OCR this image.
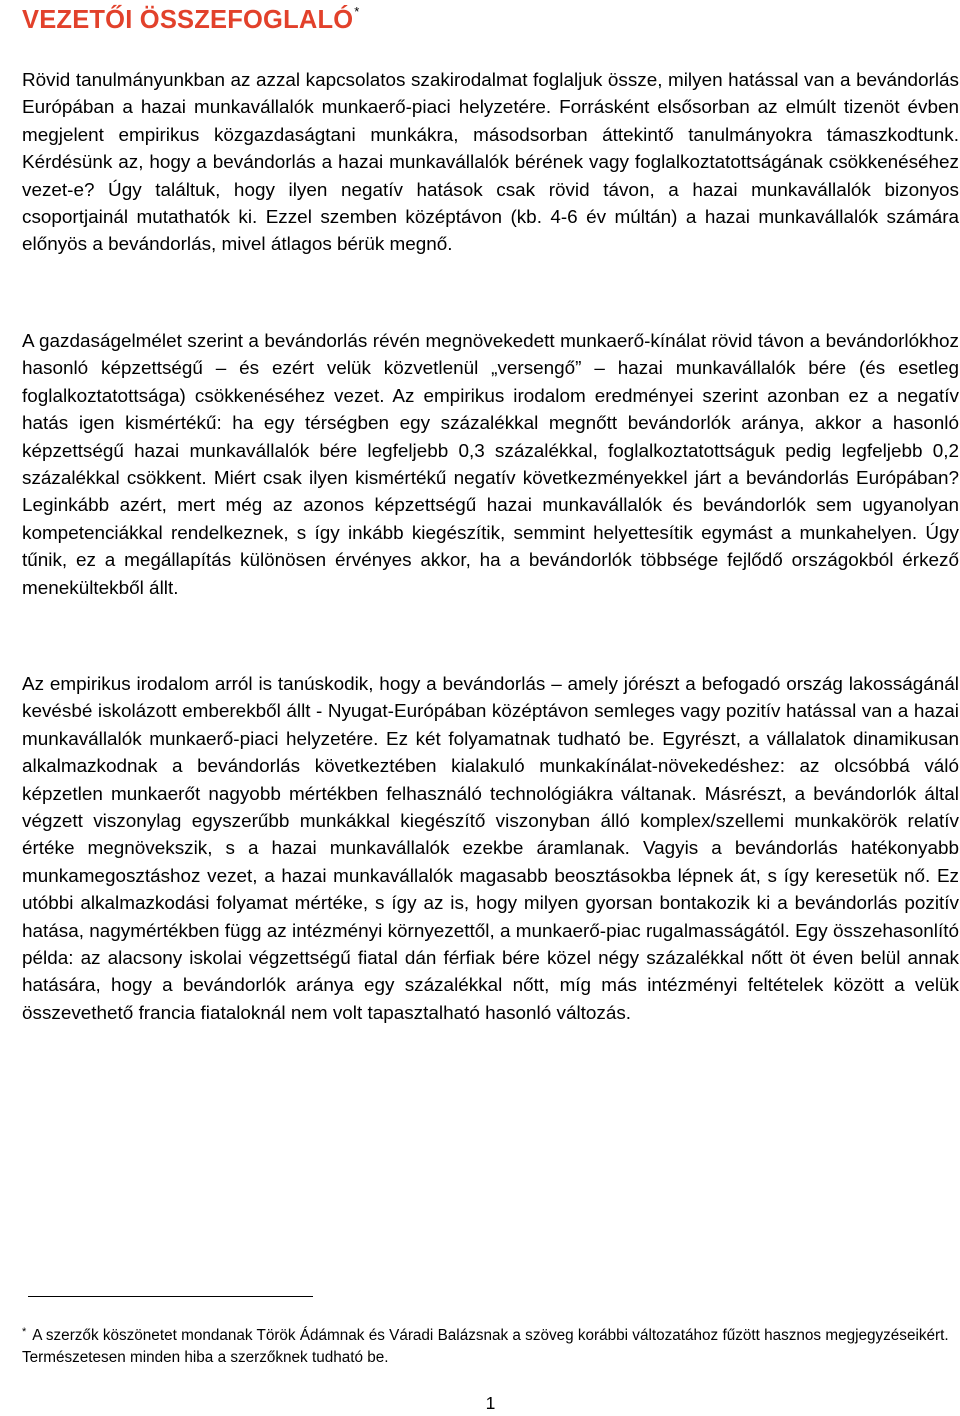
VEZETŐI ÖSSZEFOGLALÓ*

Rövid tanulmányunkban az azzal kapcsolatos szakirodalmat foglaljuk össze, milyen hatással van a bevándorlás Európában a hazai munkavállalók munkaerő-piaci helyzetére. Forrásként elsősorban az elmúlt tizenöt évben megjelent empirikus közgazdaságtani munkákra, másodsorban áttekintő tanulmányokra támaszkodtunk. Kérdésünk az, hogy a bevándorlás a hazai munkavállalók bérének vagy foglalkoztatottságának csökkenéséhez vezet-e? Úgy találtuk, hogy ilyen negatív hatások csak rövid távon, a hazai munkavállalók bizonyos csoportjainál mutathatók ki. Ezzel szemben középtávon (kb. 4-6 év múltán) a hazai munkavállalók számára előnyös a bevándorlás, mivel átlagos bérük megnő.

A gazdaságelmélet szerint a bevándorlás révén megnövekedett munkaerő-kínálat rövid távon a bevándorlókhoz hasonló képzettségű – és ezért velük közvetlenül „versengő” – hazai munkavállalók bére (és esetleg foglalkoztatottsága) csökkenéséhez vezet. Az empirikus irodalom eredményei szerint azonban ez a negatív hatás igen kismértékű: ha egy térségben egy százalékkal megnőtt bevándorlók aránya, akkor a hasonló képzettségű hazai munkavállalók bére legfeljebb 0,3 százalékkal, foglalkoztatottságuk pedig legfeljebb 0,2 százalékkal csökkent. Miért csak ilyen kismértékű negatív következményekkel járt a bevándorlás Európában? Leginkább azért, mert még az azonos képzettségű hazai munkavállalók és bevándorlók sem ugyanolyan kompetenciákkal rendelkeznek, s így inkább kiegészítik, semmint helyettesítik egymást a munkahelyen. Úgy tűnik, ez a megállapítás különösen érvényes akkor, ha a bevándorlók többsége fejlődő országokból érkező menekültekből állt.

Az empirikus irodalom arról is tanúskodik, hogy a bevándorlás – amely jórészt a befogadó ország lakosságánál kevésbé iskolázott emberekből állt - Nyugat-Európában középtávon semleges vagy pozitív hatással van a hazai munkavállalók munkaerő-piaci helyzetére. Ez két folyamatnak tudható be. Egyrészt, a vállalatok dinamikusan alkalmazkodnak a bevándorlás következtében kialakuló munkakínálat-növekedéshez: az olcsóbbá váló képzetlen munkaerőt nagyobb mértékben felhasználó technológiákra váltanak. Másrészt, a bevándorlók által végzett viszonylag egyszerűbb munkákkal kiegészítő viszonyban álló komplex/szellemi munkakörök relatív értéke megnövekszik, s a hazai munkavállalók ezekbe áramlanak. Vagyis a bevándorlás hatékonyabb munkamegosztáshoz vezet, a hazai munkavállalók magasabb beosztásokba lépnek át, s így keresetük nő. Ez utóbbi alkalmazkodási folyamat mértéke, s így az is, hogy milyen gyorsan bontakozik ki a bevándorlás pozitív hatása, nagymértékben függ az intézményi környezettől, a munkaerő-piac rugalmasságától. Egy összehasonlító példa: az alacsony iskolai végzettségű fiatal dán férfiak bére közel négy százalékkal nőtt öt éven belül annak hatására, hogy a bevándorlók aránya egy százalékkal nőtt, míg más intézményi feltételek között a velük összevethető francia fiataloknál nem volt tapasztalható hasonló változás.

* A szerzők köszönetet mondanak Török Ádámnak és Váradi Balázsnak a szöveg korábbi változatához fűzött hasznos megjegyzéseikért. Természetesen minden hiba a szerzőknek tudható be.

1
